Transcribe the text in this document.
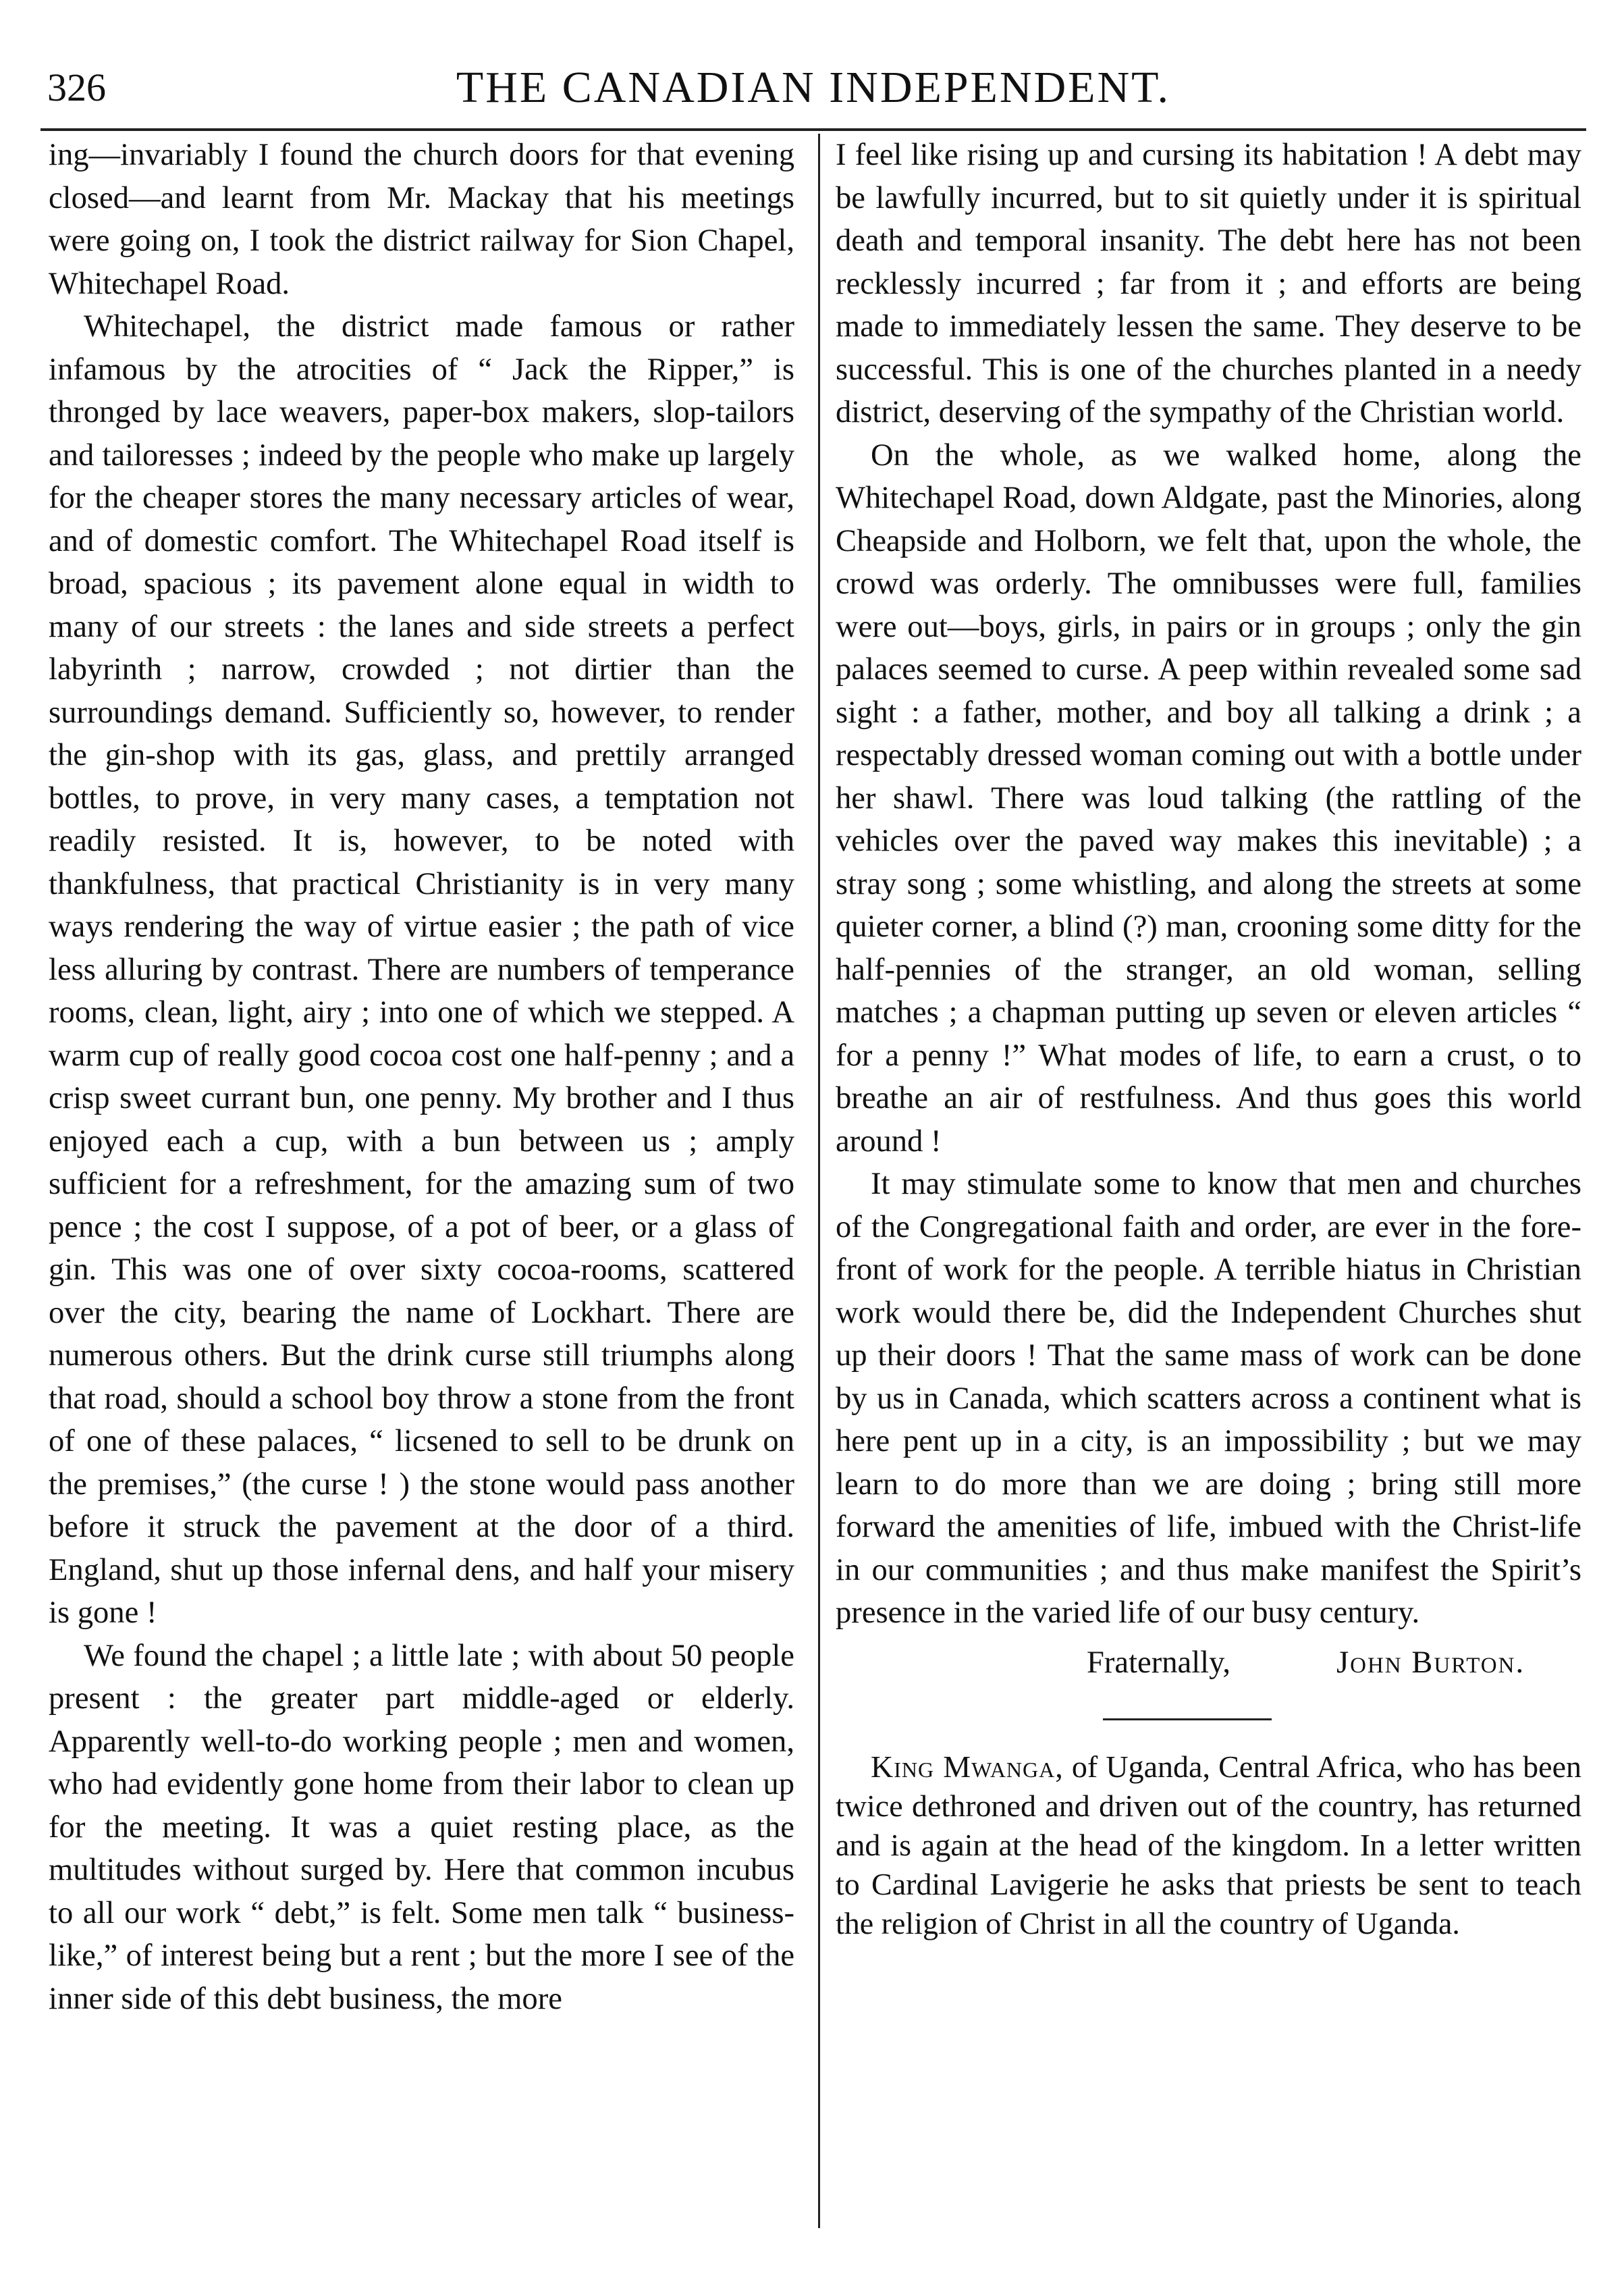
326	THE CANADIAN INDEPENDENT.

ing—invariably I found the church doors for that evening closed—and learnt from Mr. Mackay that his meetings were going on, I took the district railway for Sion Chapel, Whitechapel Road.

Whitechapel, the district made famous or rather infamous by the atrocities of “ Jack the Ripper,” is thronged by lace weavers, paper-box makers, slop-tailors and tailoresses ; indeed by the people who make up largely for the cheaper stores the many necessary articles of wear, and of domestic comfort. The Whitechapel Road itself is broad, spacious ; its pavement alone equal in width to many of our streets : the lanes and side streets a perfect labyrinth ; narrow, crowded ; not dirtier than the surroundings demand. Sufficiently so, however, to render the gin-shop with its gas, glass, and prettily arranged bottles, to prove, in very many cases, a temptation not readily resisted. It is, however, to be noted with thankfulness, that practical Christianity is in very many ways rendering the way of virtue easier ; the path of vice less alluring by contrast. There are numbers of temperance rooms, clean, light, airy ; into one of which we stepped. A warm cup of really good cocoa cost one half-penny ; and a crisp sweet currant bun, one penny. My brother and I thus enjoyed each a cup, with a bun between us ; amply sufficient for a refreshment, for the amazing sum of two pence ; the cost I suppose, of a pot of beer, or a glass of gin. This was one of over sixty cocoa-rooms, scattered over the city, bearing the name of Lockhart. There are numerous others. But the drink curse still triumphs along that road, should a school boy throw a stone from the front of one of these palaces, “ licsened to sell to be drunk on the premises,” (the curse ! ) the stone would pass another before it struck the pavement at the door of a third. England, shut up those infernal dens, and half your misery is gone !

We found the chapel ; a little late ; with about 50 people present : the greater part middle-aged or elderly. Apparently well-to-do working people ; men and women, who had evidently gone home from their labor to clean up for the meeting. It was a quiet resting place, as the multitudes without surged by. Here that common incubus to all our work “ debt,” is felt. Some men talk “ business-like,” of interest being but a rent ; but the more I see of the inner side of this debt business, the more

I feel like rising up and cursing its habitation ! A debt may be lawfully incurred, but to sit quietly under it is spiritual death and temporal insanity. The debt here has not been recklessly incurred ; far from it ; and efforts are being made to immediately lessen the same. They deserve to be successful. This is one of the churches planted in a needy district, deserving of the sympathy of the Christian world.

On the whole, as we walked home, along the Whitechapel Road, down Aldgate, past the Minories, along Cheapside and Holborn, we felt that, upon the whole, the crowd was orderly. The omnibusses were full, families were out—boys, girls, in pairs or in groups ; only the gin palaces seemed to curse. A peep within revealed some sad sight : a father, mother, and boy all talking a drink ; a respectably dressed woman coming out with a bottle under her shawl. There was loud talking (the rattling of the vehicles over the paved way makes this inevitable) ; a stray song ; some whistling, and along the streets at some quieter corner, a blind (?) man, crooning some ditty for the half-pennies of the stranger, an old woman, selling matches ; a chapman putting up seven or eleven articles “ for a penny !” What modes of life, to earn a crust, o to breathe an air of restfulness. And thus goes this world around !

It may stimulate some to know that men and churches of the Congregational faith and order, are ever in the fore-front of work for the people. A terrible hiatus in Christian work would there be, did the Independent Churches shut up their doors ! That the same mass of work can be done by us in Canada, which scatters across a continent what is here pent up in a city, is an impossibility ; but we may learn to do more than we are doing ; bring still more forward the amenities of life, imbued with the Christ-life in our communities ; and thus make manifest the Spirit’s presence in the varied life of our busy century.

Fraternally,	John Burton.

King Mwanga, of Uganda, Central Africa, who has been twice dethroned and driven out of the country, has returned and is again at the head of the kingdom. In a letter written to Cardinal Lavigerie he asks that priests be sent to teach the religion of Christ in all the country of Uganda.
